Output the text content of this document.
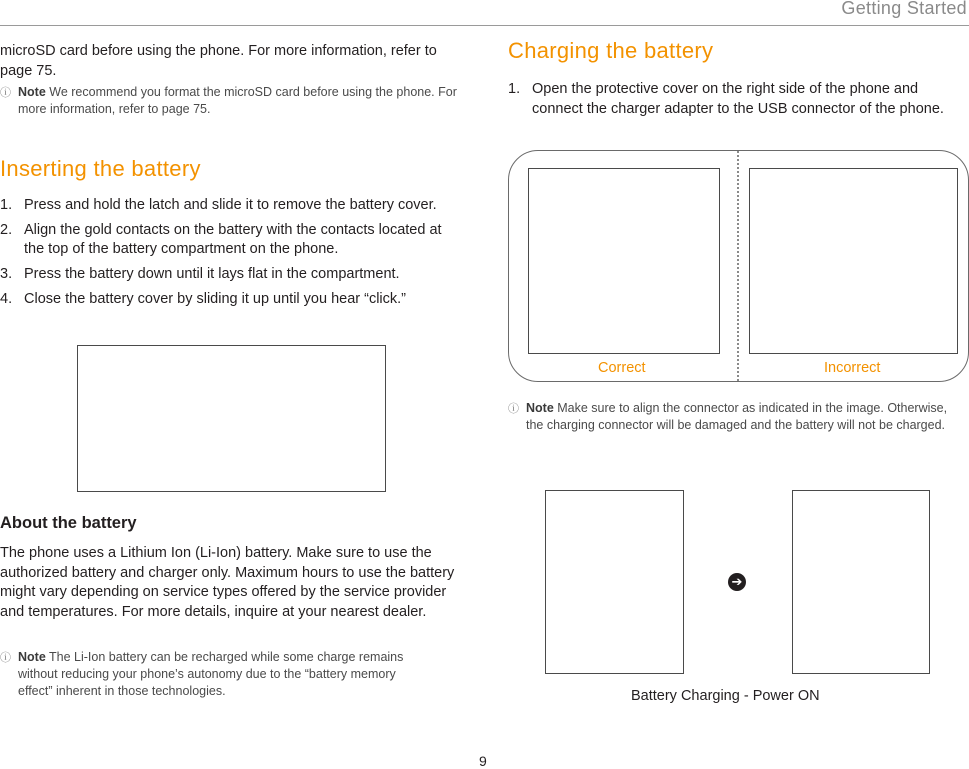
Getting Started
microSD card before using the phone. For more information, refer to page 75.
ⓘ Note We recommend you format the microSD card before using the phone. For more information, refer to page 75.
Inserting the battery
1. Press and hold the latch and slide it to remove the battery cover.
2. Align the gold contacts on the battery with the contacts located at the top of the battery compartment on the phone.
3. Press the battery down until it lays flat in the compartment.
4. Close the battery cover by sliding it up until you hear “click.”
About the battery
The phone uses a Lithium Ion (Li-Ion) battery. Make sure to use the authorized battery and charger only. Maximum hours to use the battery might vary depending on service types offered by the service provider and temperatures. For more details, inquire at your nearest dealer.
ⓘ Note The Li-Ion battery can be recharged while some charge remains without reducing your phone’s autonomy due to the “battery memory effect” inherent in those technologies.
Charging the battery
1. Open the protective cover on the right side of the phone and connect the charger adapter to the USB connector of the phone.
Correct	Incorrect
ⓘ Note Make sure to align the connector as indicated in the image. Otherwise, the charging connector will be damaged and the battery will not be charged.
➔
Battery Charging - Power ON
9
